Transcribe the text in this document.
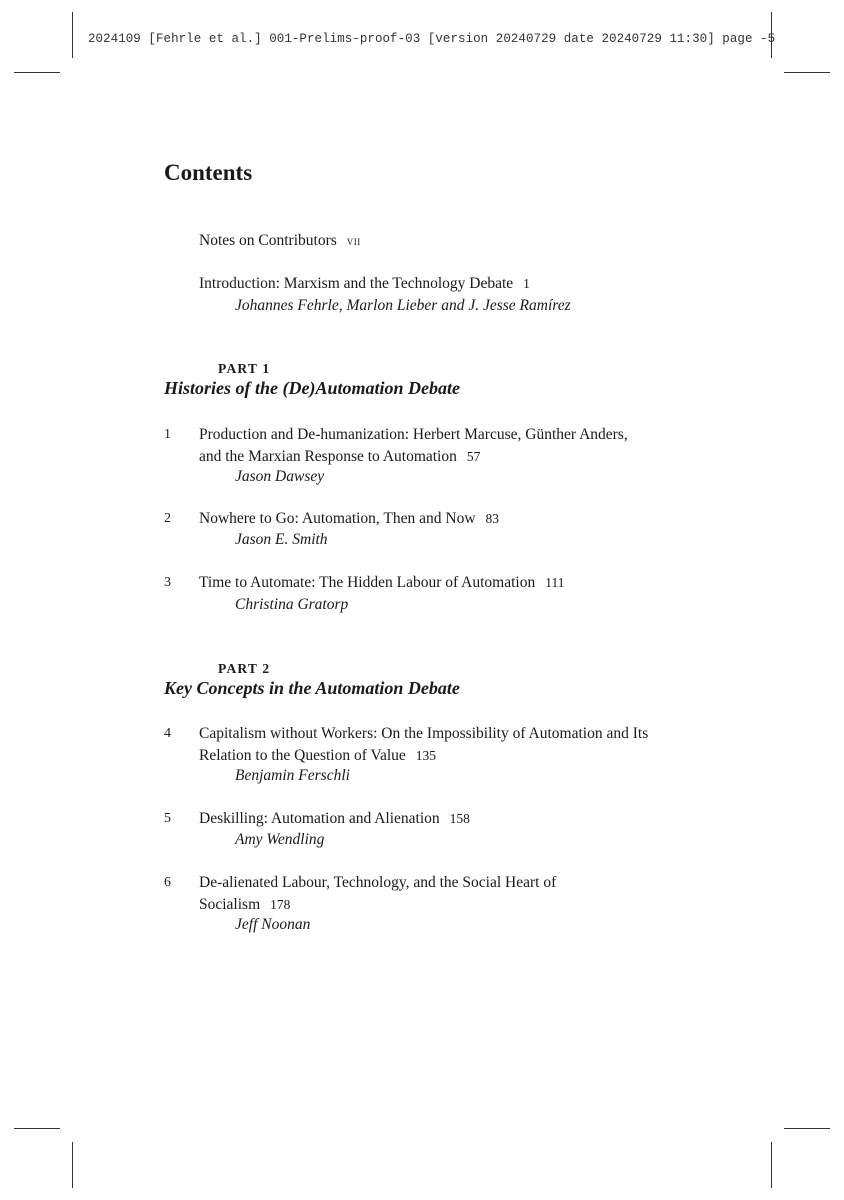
2024109 [Fehrle et al.] 001-Prelims-proof-03 [version 20240729 date 20240729 11:30] page -5
Contents
Notes on Contributors vii
Introduction: Marxism and the Technology Debate 1
Johannes Fehrle, Marlon Lieber and J. Jesse Ramírez
PART 1
Histories of the (De)Automation Debate
1 Production and De-humanization: Herbert Marcuse, Günther Anders,
and the Marxian Response to Automation 57
Jason Dawsey
2 Nowhere to Go: Automation, Then and Now 83
Jason E. Smith
3 Time to Automate: The Hidden Labour of Automation 111
Christina Gratorp
PART 2
Key Concepts in the Automation Debate
4 Capitalism without Workers: On the Impossibility of Automation and Its
Relation to the Question of Value 135
Benjamin Ferschli
5 Deskilling: Automation and Alienation 158
Amy Wendling
6 De-alienated Labour, Technology, and the Social Heart of
Socialism 178
Jeff Noonan
